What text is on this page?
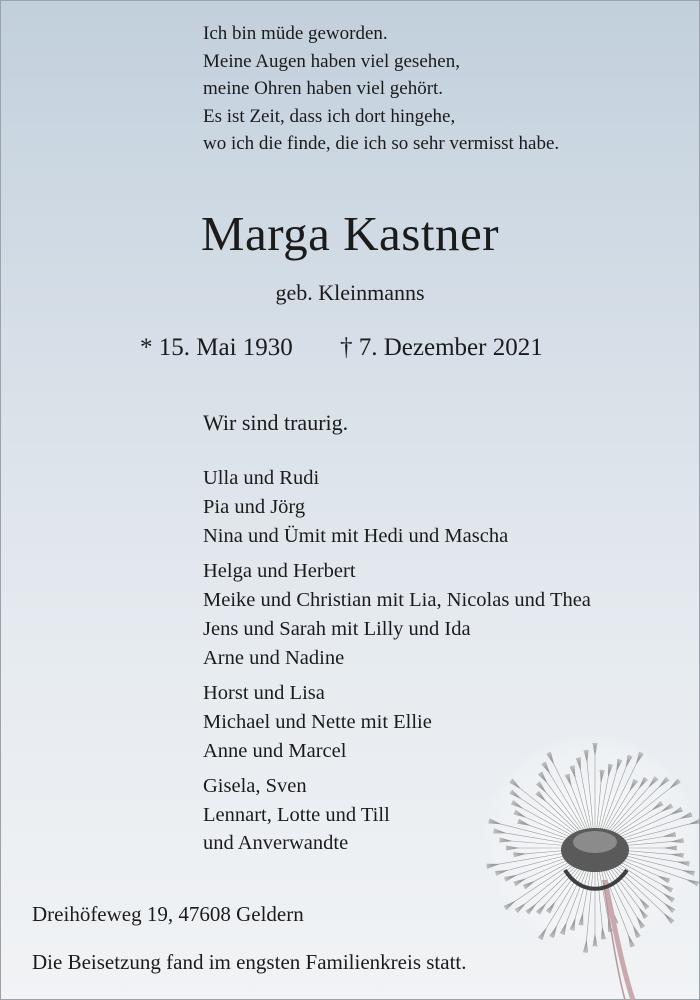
Ich bin müde geworden.
Meine Augen haben viel gesehen,
meine Ohren haben viel gehört.
Es ist Zeit, dass ich dort hingehe,
wo ich die finde, die ich so sehr vermisst habe.
Marga Kastner
geb. Kleinmanns
* 15. Mai 1930 † 7. Dezember 2021
Wir sind traurig.
Ulla und Rudi
Pia und Jörg
Nina und Ümit mit Hedi und Mascha
Helga und Herbert
Meike und Christian mit Lia, Nicolas und Thea
Jens und Sarah mit Lilly und Ida
Arne und Nadine
Horst und Lisa
Michael und Nette mit Ellie
Anne und Marcel
Gisela, Sven
Lennart, Lotte und Till
und Anverwandte
Dreihöfeweg 19, 47608 Geldern
Die Beisetzung fand im engsten Familienkreis statt.
